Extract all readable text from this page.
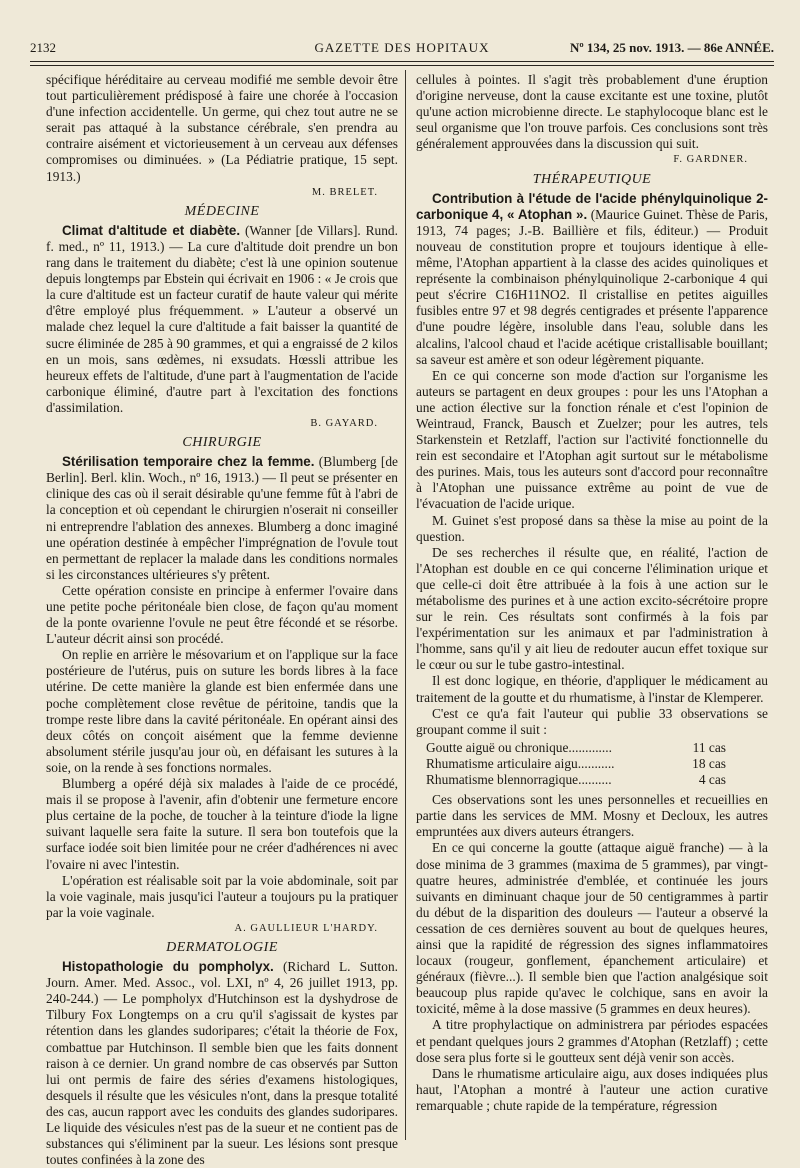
2132	GAZETTE DES HOPITAUX	Nº 134, 25 nov. 1913. — 86e ANNÉE.

spécifique héréditaire au cerveau modifié me semble devoir être tout particulièrement prédisposé à faire une chorée à l'occasion d'une infection accidentelle. Un germe, qui chez tout autre ne se serait pas attaqué à la substance cérébrale, s'en prendra au contraire aisément et victorieusement à un cerveau aux défenses compromises ou diminuées. » (La Pédiatrie pratique, 15 sept. 1913.)

M. BRELET.
MÉDECINE

Climat d'altitude et diabète. (Wanner [de Villars]. Rund. f. med., nº 11, 1913.) — La cure d'altitude doit prendre un bon rang dans le traitement du diabète; c'est là une opinion soutenue depuis longtemps par Ebstein qui écrivait en 1906 : « Je crois que la cure d'altitude est un facteur curatif de haute valeur qui mérite d'être employé plus fréquemment. » L'auteur a observé un malade chez lequel la cure d'altitude a fait baisser la quantité de sucre éliminée de 285 à 90 grammes, et qui a engraissé de 2 kilos en un mois, sans œdèmes, ni exsudats. Hœssli attribue les heureux effets de l'altitude, d'une part à l'augmentation de l'acide carbonique éliminé, d'autre part à l'excitation des fonctions d'assimilation.

B. GAYARD.
CHIRURGIE

Stérilisation temporaire chez la femme. (Blumberg [de Berlin]. Berl. klin. Woch., nº 16, 1913.) — Il peut se présenter en clinique des cas où il serait désirable qu'une femme fût à l'abri de la conception et où cependant le chirurgien n'oserait ni conseiller ni entreprendre l'ablation des annexes. Blumberg a donc imaginé une opération destinée à empêcher l'imprégnation de l'ovule tout en permettant de replacer la malade dans les conditions normales si les circonstances ultérieures s'y prêtent.

Cette opération consiste en principe à enfermer l'ovaire dans une petite poche péritonéale bien close, de façon qu'au moment de la ponte ovarienne l'ovule ne peut être fécondé et se résorbe. L'auteur décrit ainsi son procédé.

On replie en arrière le mésovarium et on l'applique sur la face postérieure de l'utérus, puis on suture les bords libres à la face utérine. De cette manière la glande est bien enfermée dans une poche complètement close revêtue de péritoine, tandis que la trompe reste libre dans la cavité péritonéale. En opérant ainsi des deux côtés on conçoit aisément que la femme devienne absolument stérile jusqu'au jour où, en défaisant les sutures à la soie, on la rende à ses fonctions normales.

Blumberg a opéré déjà six malades à l'aide de ce procédé, mais il se propose à l'avenir, afin d'obtenir une fermeture encore plus certaine de la poche, de toucher à la teinture d'iode la ligne suivant laquelle sera faite la suture. Il sera bon toutefois que la surface iodée soit bien limitée pour ne créer d'adhérences ni avec l'ovaire ni avec l'intestin.

L'opération est réalisable soit par la voie abdominale, soit par la voie vaginale, mais jusqu'ici l'auteur a toujours pu la pratiquer par la voie vaginale.

A. GAULLIEUR L'HARDY.
DERMATOLOGIE

Histopathologie du pompholyx. (Richard L. Sutton. Journ. Amer. Med. Assoc., vol. LXI, nº 4, 26 juillet 1913, pp. 240-244.) — Le pompholyx d'Hutchinson est la dyshydrose de Tilbury Fox Longtemps on a cru qu'il s'agissait de kystes par rétention dans les glandes sudoripares; c'était la théorie de Fox, combattue par Hutchinson. Il semble bien que les faits donnent raison à ce dernier. Un grand nombre de cas observés par Sutton lui ont permis de faire des séries d'examens histologiques, desquels il résulte que les vésicules n'ont, dans la presque totalité des cas, aucun rapport avec les conduits des glandes sudoripares. Le liquide des vésicules n'est pas de la sueur et ne contient pas de substances qui s'éliminent par la sueur. Les lésions sont presque toutes confinées à la zone des

cellules à pointes. Il s'agit très probablement d'une éruption d'origine nerveuse, dont la cause excitante est une toxine, plutôt qu'une action microbienne directe. Le staphylocoque blanc est le seul organisme que l'on trouve parfois. Ces conclusions sont très généralement approuvées dans la discussion qui suit.

F. GARDNER.
THÉRAPEUTIQUE

Contribution à l'étude de l'acide phénylquinolique 2-carbonique 4, « Atophan ». (Maurice Guinet. Thèse de Paris, 1913, 74 pages; J.-B. Baillière et fils, éditeur.) — Produit nouveau de constitution propre et toujours identique à elle-même, l'Atophan appartient à la classe des acides quinoliques et représente la combinaison phénylquinolique 2-carbonique 4 qui peut s'écrire C16H11NO2. Il cristallise en petites aiguilles fusibles entre 97 et 98 degrés centigrades et présente l'apparence d'une poudre légère, insoluble dans l'eau, soluble dans les alcalins, l'alcool chaud et l'acide acétique cristallisable bouillant; sa saveur est amère et son odeur légèrement piquante.

En ce qui concerne son mode d'action sur l'organisme les auteurs se partagent en deux groupes : pour les uns l'Atophan a une action élective sur la fonction rénale et c'est l'opinion de Weintraud, Franck, Bausch et Zuelzer; pour les autres, tels Starkenstein et Retzlaff, l'action sur l'activité fonctionnelle du rein est secondaire et l'Atophan agit surtout sur le métabolisme des purines. Mais, tous les auteurs sont d'accord pour reconnaître à l'Atophan une puissance extrême au point de vue de l'évacuation de l'acide urique.

M. Guinet s'est proposé dans sa thèse la mise au point de la question.

De ses recherches il résulte que, en réalité, l'action de l'Atophan est double en ce qui concerne l'élimination urique et que celle-ci doit être attribuée à la fois à une action sur le métabolisme des purines et à une action excito-sécrétoire propre sur le rein. Ces résultats sont confirmés à la fois par l'expérimentation sur les animaux et par l'administration à l'homme, sans qu'il y ait lieu de redouter aucun effet toxique sur le cœur ou sur le tube gastro-intestinal.

Il est donc logique, en théorie, d'appliquer le médicament au traitement de la goutte et du rhumatisme, à l'instar de Klemperer.

C'est ce qu'a fait l'auteur qui publie 33 observations se groupant comme il suit :

Goutte aiguë ou chronique.............	11 cas
Rhumatisme articulaire aigu...........	18 cas
Rhumatisme blennorragique..........	4 cas

Ces observations sont les unes personnelles et recueillies en partie dans les services de MM. Mosny et Decloux, les autres empruntées aux divers auteurs étrangers.

En ce qui concerne la goutte (attaque aiguë franche) — à la dose minima de 3 grammes (maxima de 5 grammes), par vingt-quatre heures, administrée d'emblée, et continuée les jours suivants en diminuant chaque jour de 50 centigrammes à partir du début de la disparition des douleurs — l'auteur a observé la cessation de ces dernières souvent au bout de quelques heures, ainsi que la rapidité de régression des signes inflammatoires locaux (rougeur, gonflement, épanchement articulaire) et généraux (fièvre...). Il semble bien que l'action analgésique soit beaucoup plus rapide qu'avec le colchique, sans en avoir la toxicité, même à la dose massive (5 grammes en deux heures).

A titre prophylactique on administrera par périodes espacées et pendant quelques jours 2 grammes d'Atophan (Retzlaff) ; cette dose sera plus forte si le goutteux sent déjà venir son accès.

Dans le rhumatisme articulaire aigu, aux doses indiquées plus haut, l'Atophan a montré à l'auteur une action curative remarquable ; chute rapide de la température, régression
